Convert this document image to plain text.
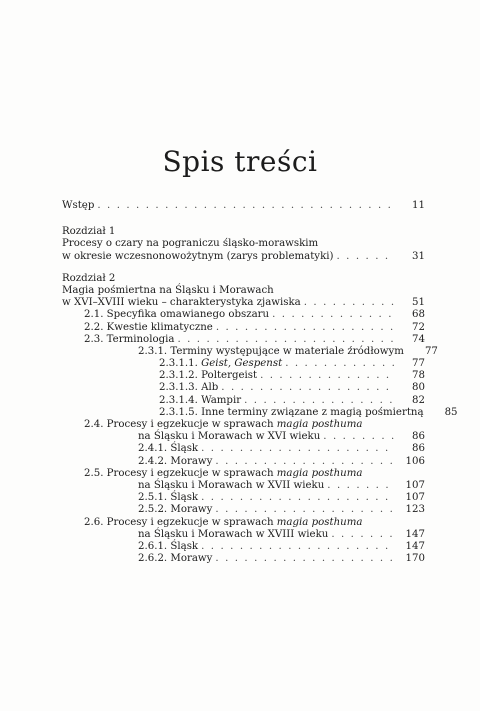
Spis treści
Wstęp . . .	11
Rozdział 1
Procesy o czary na pograniczu śląsko-morawskim
w okresie wczesnonowożytnym (zarys problematyki) . . .	31
Rozdział 2
Magia pośmiertna na Śląsku i Morawach
w XVI–XVIII wieku – charakterystyka zjawiska . . .	51
2.1. Specyfika omawianego obszaru . . .	68
2.2. Kwestie klimatyczne . . .	72
2.3. Terminologia . . .	74
2.3.1. Terminy występujące w materiale źródłowym	77
2.3.1.1. Geist, Gespenst . . .	77
2.3.1.2. Poltergeist . . .	78
2.3.1.3. Alb . . .	80
2.3.1.4. Wampir . . .	82
2.3.1.5. Inne terminy związane z magią pośmiertną	85
2.4. Procesy i egzekucje w sprawach magia posthuma
na Śląsku i Morawach w XVI wieku . . .	86
2.4.1. Śląsk . . .	86
2.4.2. Morawy . . .	106
2.5. Procesy i egzekucje w sprawach magia posthuma
na Śląsku i Morawach w XVII wieku . . .	107
2.5.1. Śląsk . . .	107
2.5.2. Morawy . . .	123
2.6. Procesy i egzekucje w sprawach magia posthuma
na Śląsku i Morawach w XVIII wieku . . .	147
2.6.1. Śląsk . . .	147
2.6.2. Morawy . . .	170
